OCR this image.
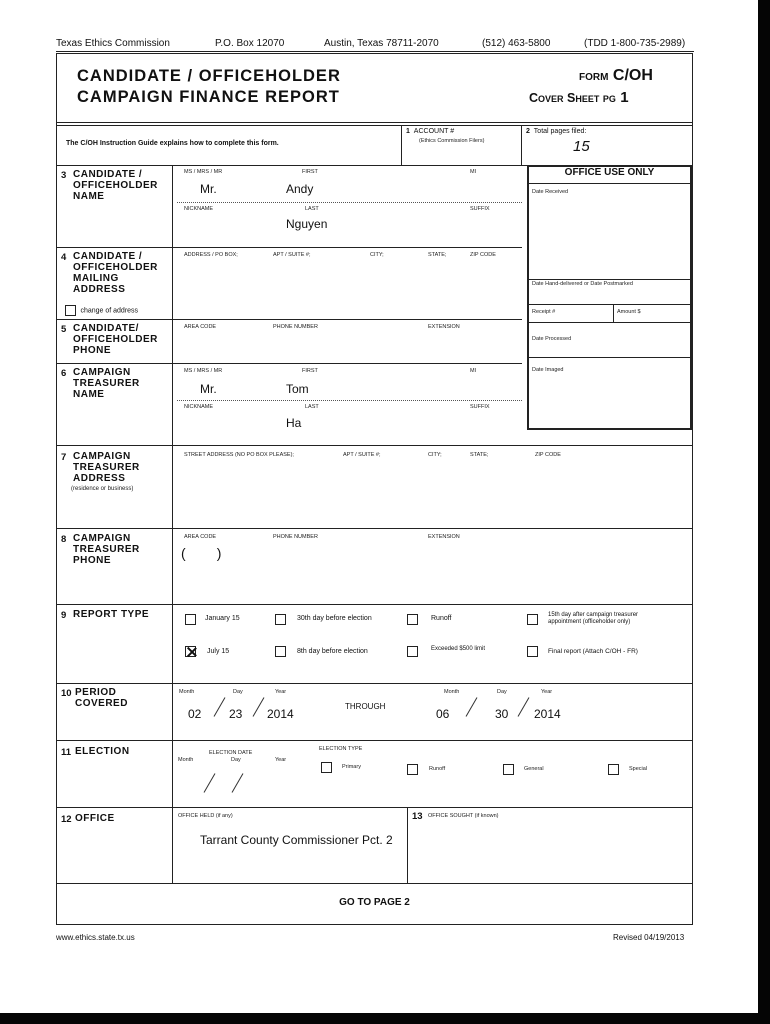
Texas Ethics Commission	P.O. Box 12070	Austin, Texas 78711-2070	(512) 463-5800	(TDD 1-800-735-2989)
CANDIDATE / OFFICEHOLDER
CAMPAIGN FINANCE REPORT
FORM C/OH
Cover Sheet pg 1
The C/OH Instruction Guide explains how to complete this form.
1 ACCOUNT #
(Ethics Commission Filers)
2 Total pages filed:
15
3 CANDIDATE /
OFFICEHOLDER
NAME
MS / MRS / MR	FIRST	MI
Mr.	Andy
NICKNAME	LAST	SUFFIX
Nguyen
OFFICE USE ONLY
Date Received
Date Hand-delivered or Date Postmarked
Receipt #	Amount $
Date Processed
Date Imaged
4 CANDIDATE /
OFFICEHOLDER
MAILING
ADDRESS
change of address
ADDRESS / PO BOX;	APT / SUITE #;	CITY;	STATE;	ZIP CODE
5 CANDIDATE/
OFFICEHOLDER
PHONE
AREA CODE	PHONE NUMBER	EXTENSION
6 CAMPAIGN
TREASURER
NAME
MS / MRS / MR	FIRST	MI
Mr.	Tom
NICKNAME	LAST	SUFFIX
Ha
7 CAMPAIGN
TREASURER
ADDRESS
(residence or business)
STREET ADDRESS (NO PO BOX PLEASE);	APT / SUITE #;	CITY;	STATE;	ZIP CODE
8 CAMPAIGN
TREASURER
PHONE
AREA CODE	PHONE NUMBER	EXTENSION
(        )
9 REPORT TYPE	January 15	30th day before election	Runoff	15th day after campaign treasurer appointment (officeholder only)
July 15	8th day before election	Exceeded $500 limit	Final report (Attach C/OH - FR)
10 PERIOD
COVERED
Month	Day	Year
02 23 2014
THROUGH
Month	Day	Year
06	30 2014
11 ELECTION	ELECTION DATE
Month	Day	Year
ELECTION TYPE
Primary	Runoff	General	Special
12 OFFICE	OFFICE HELD (if any)
Tarrant County Commissioner Pct. 2
13 OFFICE SOUGHT (if known)
GO TO PAGE 2
www.ethics.state.tx.us	Revised 04/19/2013
